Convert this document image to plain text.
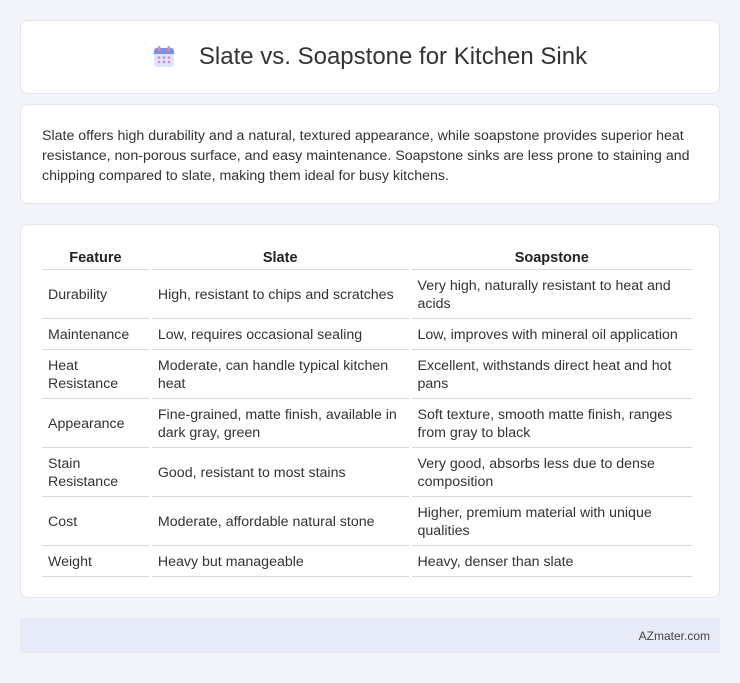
Slate vs. Soapstone for Kitchen Sink

Slate offers high durability and a natural, textured appearance, while soapstone provides superior heat resistance, non-porous surface, and easy maintenance. Soapstone sinks are less prone to staining and chipping compared to slate, making them ideal for busy kitchens.

Feature	Slate	Soapstone
Durability	High, resistant to chips and scratches	Very high, naturally resistant to heat and acids
Maintenance	Low, requires occasional sealing	Low, improves with mineral oil application
Heat Resistance	Moderate, can handle typical kitchen heat	Excellent, withstands direct heat and hot pans
Appearance	Fine-grained, matte finish, available in dark gray, green	Soft texture, smooth matte finish, ranges from gray to black
Stain Resistance	Good, resistant to most stains	Very good, absorbs less due to dense composition
Cost	Moderate, affordable natural stone	Higher, premium material with unique qualities
Weight	Heavy but manageable	Heavy, denser than slate
AZmater.com
